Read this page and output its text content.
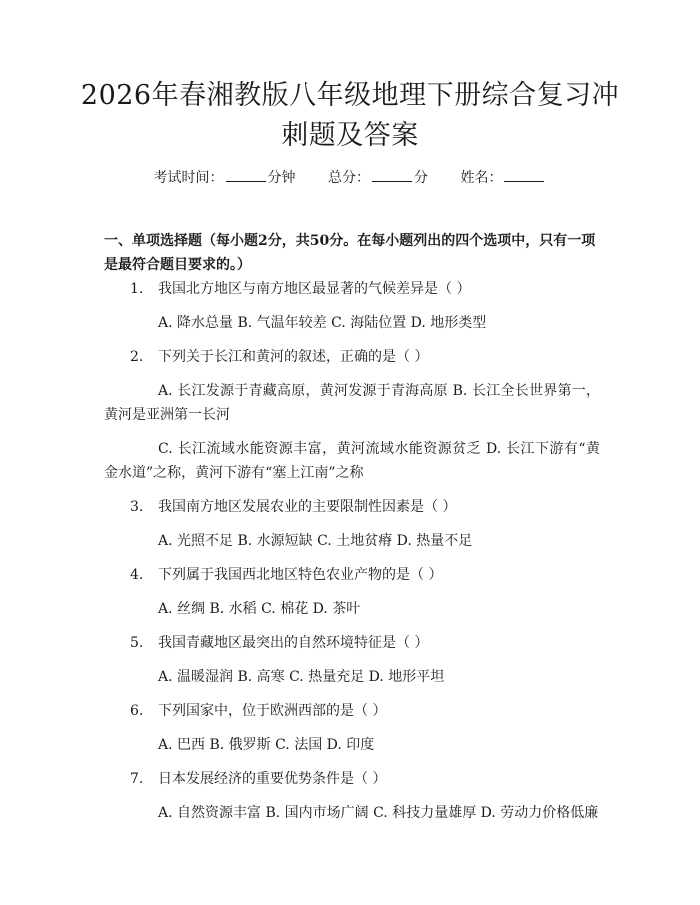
2026年春湘教版八年级地理下册综合复习冲
刺题及答案
考试时间：	分钟 总分：	分 姓名：
一、单项选择题（每小题2分，共50分。在每小题列出的四个选项中，只有一项是最符合题目要求的。）
1.	我国北方地区与南方地区最显著的气候差异是（ ）
A. 降水总量 B. 气温年较差 C. 海陆位置 D. 地形类型
2.	下列关于长江和黄河的叙述，正确的是（ ）
A. 长江发源于青藏高原，黄河发源于青海高原 B. 长江全长世界第一，黄河是亚洲第一长河
C. 长江流域水能资源丰富，黄河流域水能资源贫乏 D. 长江下游有“黄金水道”之称，黄河下游有“塞上江南”之称
3.	我国南方地区发展农业的主要限制性因素是（ ）
A. 光照不足 B. 水源短缺 C. 土地贫瘠 D. 热量不足
4.	下列属于我国西北地区特色农业产物的是（ ）
A. 丝绸 B. 水稻 C. 棉花 D. 茶叶
5.	我国青藏地区最突出的自然环境特征是（ ）
A. 温暖湿润 B. 高寒 C. 热量充足 D. 地形平坦
6.	下列国家中，位于欧洲西部的是（ ）
A. 巴西 B. 俄罗斯 C. 法国 D. 印度
7.	日本发展经济的重要优势条件是（ ）
A. 自然资源丰富 B. 国内市场广阔 C. 科技力量雄厚 D. 劳动力价格低廉
